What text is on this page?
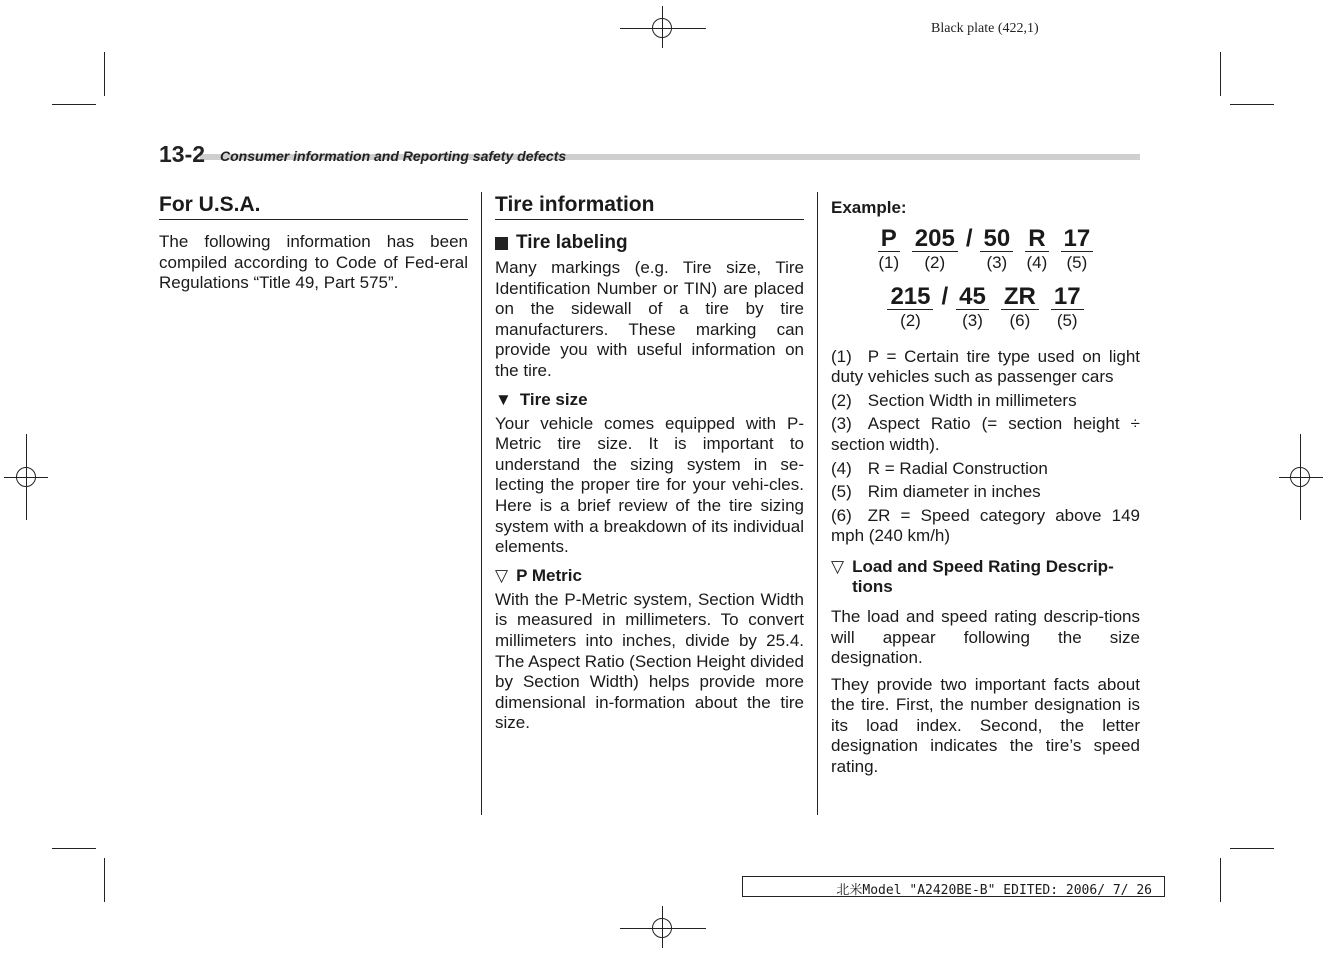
Black plate (422,1)
13-2 Consumer information and Reporting safety defects
For U.S.A.

The following information has been compiled according to Code of Fed-eral Regulations “Title 49, Part 575”.

Tire information
Tire labeling

Many markings (e.g. Tire size, Tire Identification Number or TIN) are placed on the sidewall of a tire by tire manufacturers. These marking can provide you with useful information on the tire.

▼ Tire size

Your vehicle comes equipped with P-Metric tire size. It is important to understand the sizing system in se-lecting the proper tire for your vehi-cles. Here is a brief review of the tire sizing system with a breakdown of its individual elements.

▽ P Metric

With the P-Metric system, Section Width is measured in millimeters. To convert millimeters into inches, divide by 25.4. The Aspect Ratio (Section Height divided by Section Width) helps provide more dimensional in-formation about the tire size.

Example:
P
(1)
205
(2)
/ 50
(3)
R
(4)
17
(5)
215
(2)
/ 45
(3)
ZR
(6)
17
(5)

(1) P = Certain tire type used on light duty vehicles such as passenger cars

(2) Section Width in millimeters

(3) Aspect Ratio (= section height ÷ section width).

(4) R = Radial Construction

(5) Rim diameter in inches

(6) ZR = Speed category above 149 mph (240 km/h)

▽ Load and Speed Rating Descrip-tions

The load and speed rating descrip-tions will appear following the size designation.

They provide two important facts about the tire. First, the number designation is its load index. Second, the letter designation indicates the tire’s speed rating.

北米Model "A2420BE-B" EDITED: 2006/ 7/ 26
